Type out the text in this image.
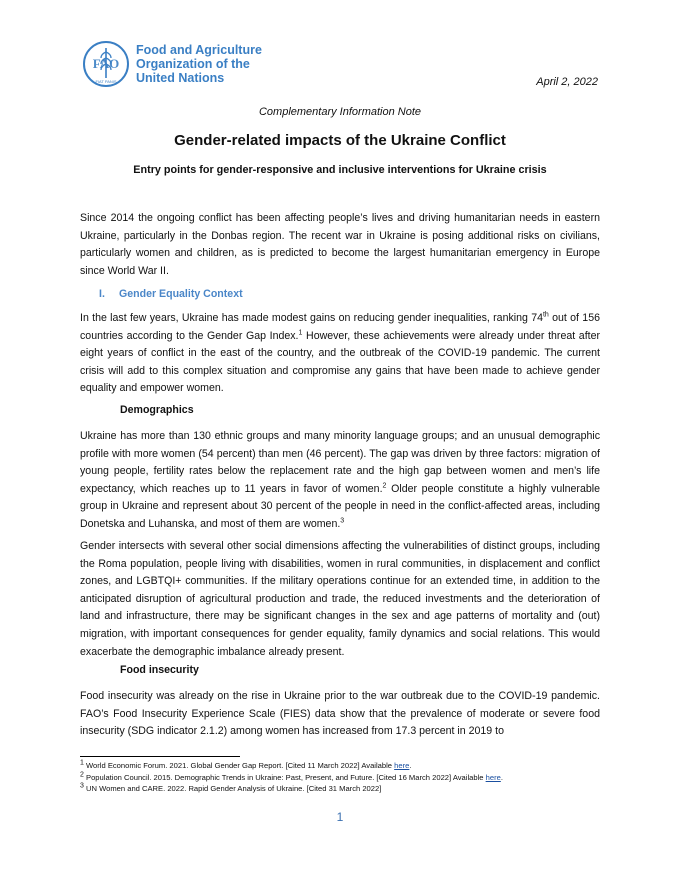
FAO
FIAT PANIS
Food and Agriculture
Organization of the
United Nations	April 2, 2022
Complementary Information Note
Gender-related impacts of the Ukraine Conflict
Entry points for gender-responsive and inclusive interventions for Ukraine crisis
Since 2014 the ongoing conflict has been affecting people’s lives and driving humanitarian needs in eastern Ukraine, particularly in the Donbas region. The recent war in Ukraine is posing additional risks on civilians, particularly women and children, as is predicted to become the largest humanitarian emergency in Europe since World War II.
I. Gender Equality Context
In the last few years, Ukraine has made modest gains on reducing gender inequalities, ranking 74th out of 156 countries according to the Gender Gap Index.$^1$ However, these achievements were already under threat after eight years of conflict in the east of the country, and the outbreak of the COVID-19 pandemic. The current crisis will add to this complex situation and compromise any gains that have been made to achieve gender equality and empower women.
Demographics
Ukraine has more than 130 ethnic groups and many minority language groups; and an unusual demographic profile with more women (54 percent) than men (46 percent). The gap was driven by three factors: migration of young people, fertility rates below the replacement rate and the high gap between women and men’s life expectancy, which reaches up to 11 years in favor of women.$^2$ Older people constitute a highly vulnerable group in Ukraine and represent about 30 percent of the people in need in the conflict-affected areas, including Donetska and Luhanska, and most of them are women.$^3$
Gender intersects with several other social dimensions affecting the vulnerabilities of distinct groups, including the Roma population, people living with disabilities, women in rural communities, in displacement and conflict zones, and LGBTQI+ communities. If the military operations continue for an extended time, in addition to the anticipated disruption of agricultural production and trade, the reduced investments and the deterioration of land and infrastructure, there may be significant changes in the sex and age patterns of mortality and (out) migration, with important consequences for gender equality, family dynamics and social relations. This would exacerbate the demographic imbalance already present.
Food insecurity
Food insecurity was already on the rise in Ukraine prior to the war outbreak due to the COVID-19 pandemic. FAO’s Food Insecurity Experience Scale (FIES) data show that the prevalence of moderate or severe food insecurity (SDG indicator 2.1.2) among women has increased from 17.3 percent in 2019 to
$^1$ World Economic Forum. 2021. Global Gender Gap Report. [Cited 11 March 2022] Available here.
$^2$ Population Council. 2015. Demographic Trends in Ukraine: Past, Present, and Future. [Cited 16 March 2022] Available here.
$^3$ UN Women and CARE. 2022. Rapid Gender Analysis of Ukraine. [Cited 31 March 2022]
1
